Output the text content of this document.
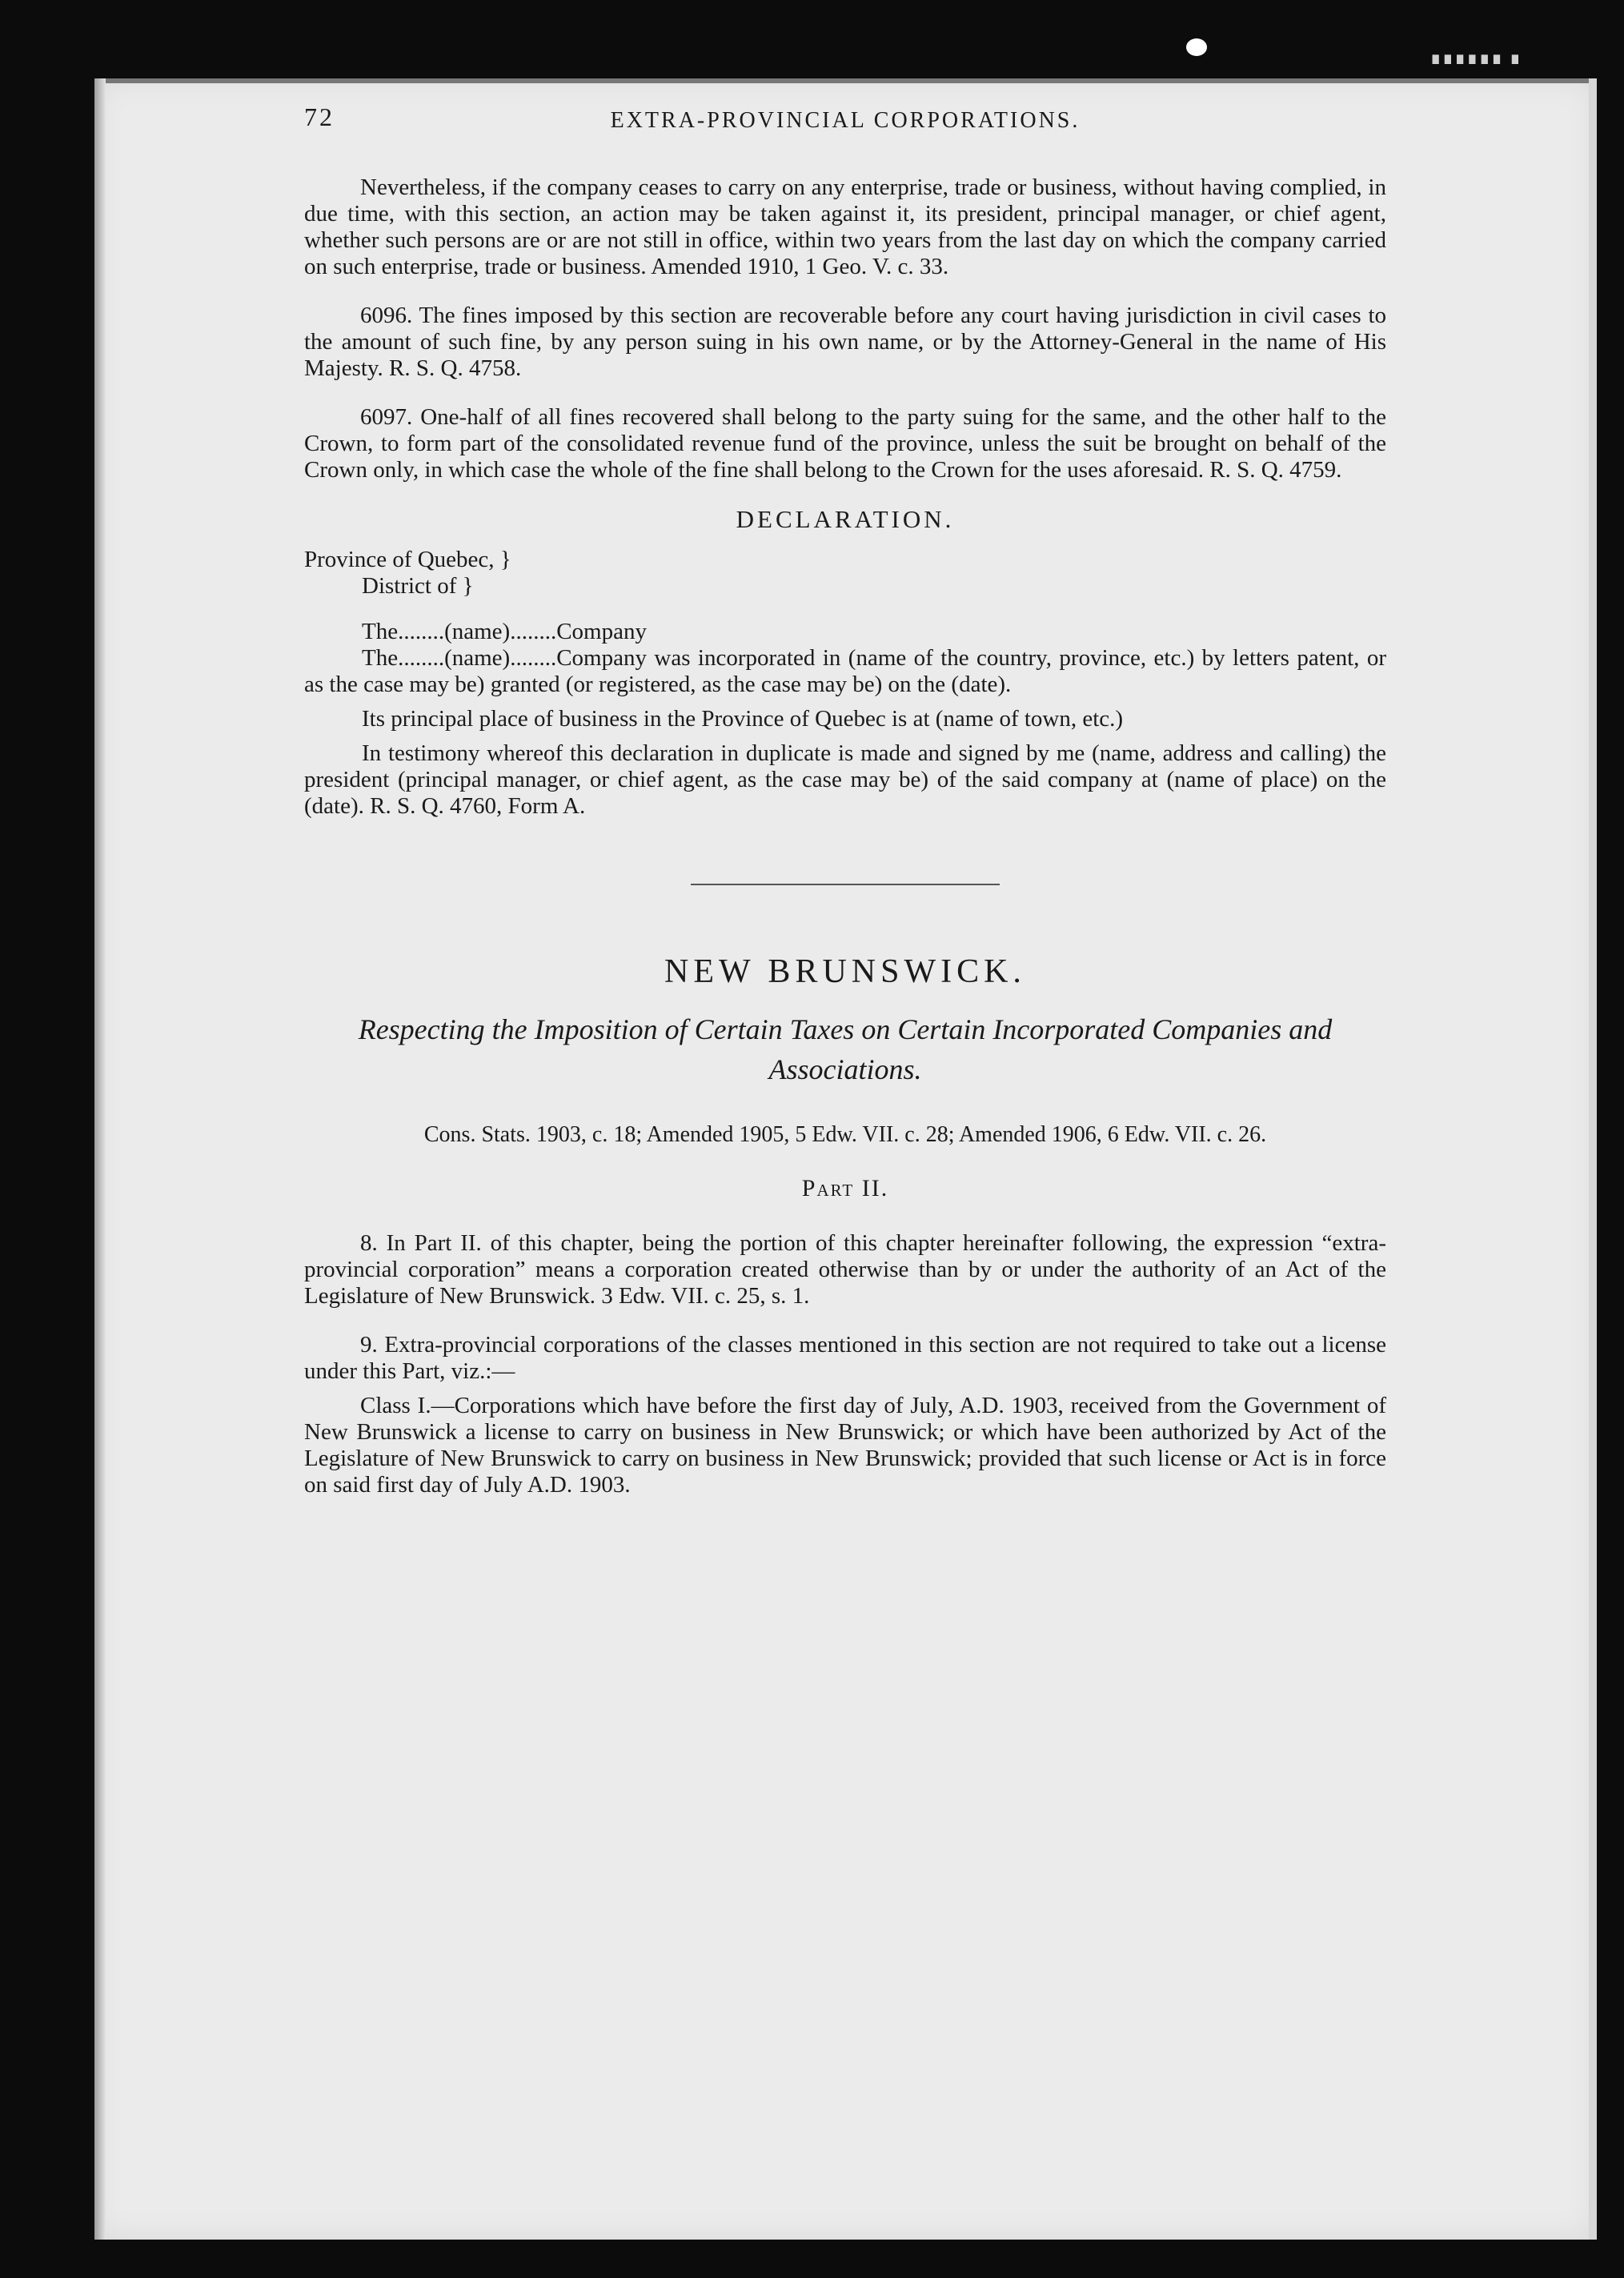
∎∎∎∎∎∎ ∎
72	EXTRA-PROVINCIAL CORPORATIONS.

Nevertheless, if the company ceases to carry on any enterprise, trade or business, without having complied, in due time, with this section, an action may be taken against it, its president, principal manager, or chief agent, whether such persons are or are not still in office, within two years from the last day on which the company carried on such enterprise, trade or business. Amended 1910, 1 Geo. V. c. 33.

6096. The fines imposed by this section are recoverable before any court having jurisdiction in civil cases to the amount of such fine, by any person suing in his own name, or by the Attorney-General in the name of His Majesty. R. S. Q. 4758.

6097. One-half of all fines recovered shall belong to the party suing for the same, and the other half to the Crown, to form part of the consolidated revenue fund of the province, unless the suit be brought on behalf of the Crown only, in which case the whole of the fine shall belong to the Crown for the uses aforesaid. R. S. Q. 4759.

DECLARATION.

Province of Quebec, }

District of }

The........(name)........Company

The........(name)........Company was incorporated in (name of the country, province, etc.) by letters patent, or as the case may be) granted (or registered, as the case may be) on the (date).

Its principal place of business in the Province of Quebec is at (name of town, etc.)

In testimony whereof this declaration in duplicate is made and signed by me (name, address and calling) the president (principal manager, or chief agent, as the case may be) of the said company at (name of place) on the (date). R. S. Q. 4760, Form A.

NEW BRUNSWICK.

Respecting the Imposition of Certain Taxes on Certain Incorporated Companies and Associations.

Cons. Stats. 1903, c. 18; Amended 1905, 5 Edw. VII. c. 28; Amended 1906, 6 Edw. VII. c. 26.

Part II.

8. In Part II. of this chapter, being the portion of this chapter hereinafter following, the expression “extra-provincial corporation” means a corporation created otherwise than by or under the authority of an Act of the Legislature of New Brunswick. 3 Edw. VII. c. 25, s. 1.

9. Extra-provincial corporations of the classes mentioned in this section are not required to take out a license under this Part, viz.:—

Class I.—Corporations which have before the first day of July, A.D. 1903, received from the Government of New Brunswick a license to carry on business in New Brunswick; or which have been authorized by Act of the Legislature of New Brunswick to carry on business in New Brunswick; provided that such license or Act is in force on said first day of July A.D. 1903.
